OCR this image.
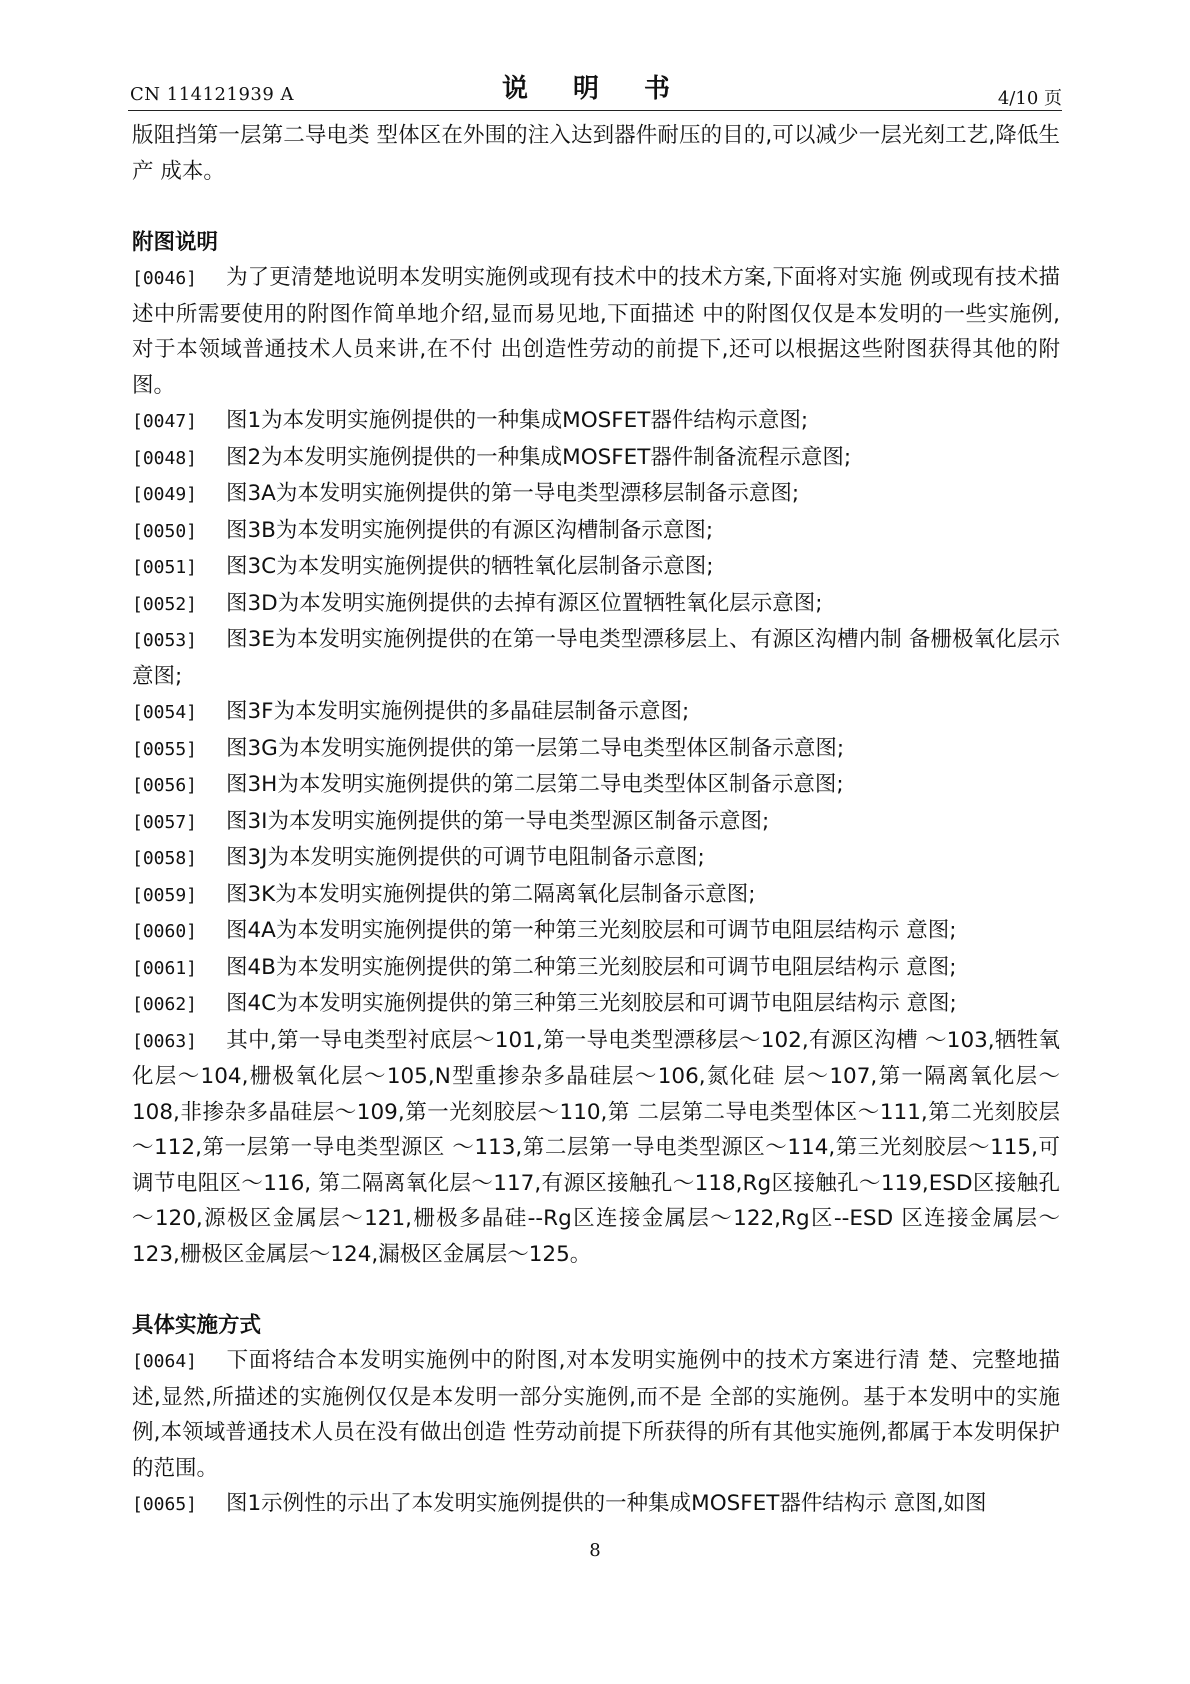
CN 114121939 A	说 明 书	4/10 页

版阻挡第一层第二导电类 型体区在外围的注入达到器件耐压的目的,可以减少一层光刻工艺,降低生产 成本。

附图说明

[0046] 为了更清楚地说明本发明实施例或现有技术中的技术方案,下面将对实施 例或现有技术描述中所需要使用的附图作简单地介绍,显而易见地,下面描述 中的附图仅仅是本发明的一些实施例,对于本领域普通技术人员来讲,在不付 出创造性劳动的前提下,还可以根据这些附图获得其他的附图。

[0047] 图1为本发明实施例提供的一种集成MOSFET器件结构示意图;

[0048] 图2为本发明实施例提供的一种集成MOSFET器件制备流程示意图;

[0049] 图3A为本发明实施例提供的第一导电类型漂移层制备示意图;

[0050] 图3B为本发明实施例提供的有源区沟槽制备示意图;

[0051] 图3C为本发明实施例提供的牺牲氧化层制备示意图;

[0052] 图3D为本发明实施例提供的去掉有源区位置牺牲氧化层示意图;

[0053] 图3E为本发明实施例提供的在第一导电类型漂移层上、有源区沟槽内制 备栅极氧化层示意图;

[0054] 图3F为本发明实施例提供的多晶硅层制备示意图;

[0055] 图3G为本发明实施例提供的第一层第二导电类型体区制备示意图;

[0056] 图3H为本发明实施例提供的第二层第二导电类型体区制备示意图;

[0057] 图3I为本发明实施例提供的第一导电类型源区制备示意图;

[0058] 图3J为本发明实施例提供的可调节电阻制备示意图;

[0059] 图3K为本发明实施例提供的第二隔离氧化层制备示意图;

[0060] 图4A为本发明实施例提供的第一种第三光刻胶层和可调节电阻层结构示 意图;

[0061] 图4B为本发明实施例提供的第二种第三光刻胶层和可调节电阻层结构示 意图;

[0062] 图4C为本发明实施例提供的第三种第三光刻胶层和可调节电阻层结构示 意图;

[0063] 其中,第一导电类型衬底层～101,第一导电类型漂移层～102,有源区沟槽 ～103,牺牲氧化层～104,栅极氧化层～105,N型重掺杂多晶硅层～106,氮化硅 层～107,第一隔离氧化层～108,非掺杂多晶硅层～109,第一光刻胶层～110,第 二层第二导电类型体区～111,第二光刻胶层～112,第一层第一导电类型源区 ～113,第二层第一导电类型源区～114,第三光刻胶层～115,可调节电阻区～116, 第二隔离氧化层～117,有源区接触孔～118,Rg区接触孔～119,ESD区接触孔 ～120,源极区金属层～121,栅极多晶硅--Rg区连接金属层～122,Rg区--ESD 区连接金属层～123,栅极区金属层～124,漏极区金属层～125。

具体实施方式

[0064] 下面将结合本发明实施例中的附图,对本发明实施例中的技术方案进行清 楚、完整地描述,显然,所描述的实施例仅仅是本发明一部分实施例,而不是 全部的实施例。基于本发明中的实施例,本领域普通技术人员在没有做出创造 性劳动前提下所获得的所有其他实施例,都属于本发明保护的范围。

[0065] 图1示例性的示出了本发明实施例提供的一种集成MOSFET器件结构示 意图,如图

8
